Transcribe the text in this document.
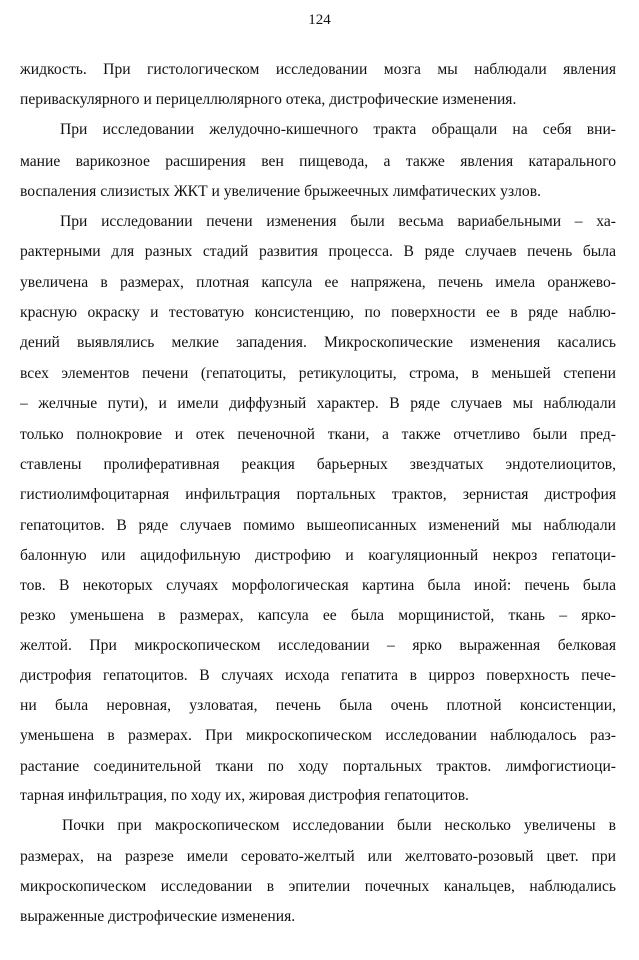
124
жидкость. При гистологическом исследовании мозга мы наблюдали явления
периваскулярного и перицеллюлярного отека, дистрофические изменения.
При исследовании желудочно-кишечного тракта обращали на себя вни-
мание варикозное расширения вен пищевода, а также явления катарального
воспаления слизистых ЖКТ и увеличение брыжеечных лимфатических узлов.
При исследовании печени изменения были весьма вариабельными – ха-
рактерными для разных стадий развития процесса. В ряде случаев печень была
увеличена в размерах, плотная капсула ее напряжена, печень имела оранжево-
красную окраску и тестоватую консистенцию, по поверхности ее в ряде наблю-
дений выявлялись мелкие западения. Микроскопические изменения касались
всех элементов печени (гепатоциты, ретикулоциты, строма, в меньшей степени
– желчные пути), и имели диффузный характер. В ряде случаев мы наблюдали
только полнокровие и отек печеночной ткани, а также отчетливо были пред-
ставлены пролиферативная реакция барьерных звездчатых эндотелиоцитов,
гистиолимфоцитарная инфильтрация портальных трактов, зернистая дистрофия
гепатоцитов. В ряде случаев помимо вышеописанных изменений мы наблюдали
балонную или ацидофильную дистрофию и коагуляционный некроз гепатоци-
тов. В некоторых случаях морфологическая картина была иной: печень была
резко уменьшена в размерах, капсула ее была морщинистой, ткань – ярко-
желтой. При микроскопическом исследовании – ярко выраженная белковая
дистрофия гепатоцитов. В случаях исхода гепатита в цирроз поверхность пече-
ни была неровная, узловатая, печень была очень плотной консистенции,
уменьшена в размерах. При микроскопическом исследовании наблюдалось раз-
растание соединительной ткани по ходу портальных трактов. лимфогистиоци-
тарная инфильтрация, по ходу их, жировая дистрофия гепатоцитов.
Почки при макроскопическом исследовании были несколько увеличены в
размерах, на разрезе имели серовато-желтый или желтовато-розовый цвет. при
микроскопическом исследовании в эпителии почечных канальцев, наблюдались
выраженные дистрофические изменения.
